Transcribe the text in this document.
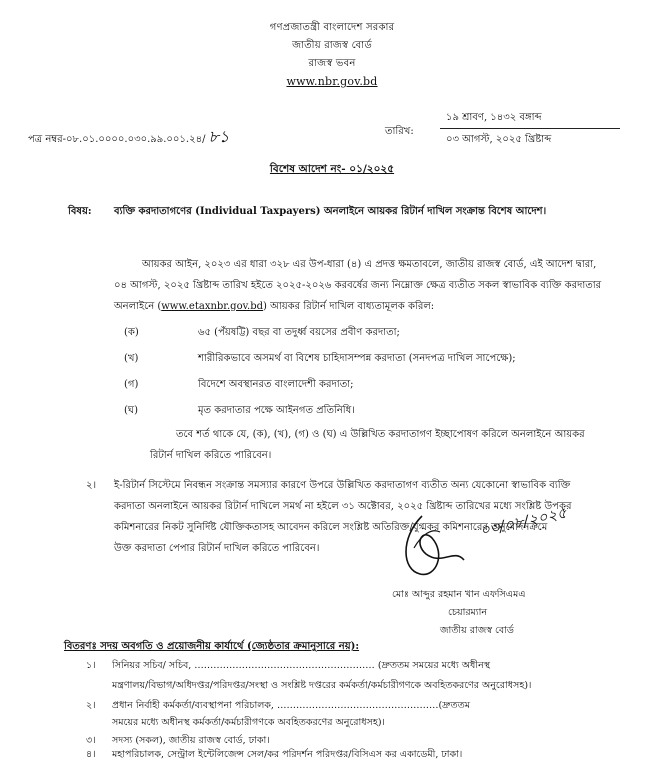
গণপ্রজাতন্ত্রী বাংলাদেশ সরকার
জাতীয় রাজস্ব বোর্ড
রাজস্ব ভবন
www.nbr.gov.bd
পত্র নম্বর-০৮.০১.০০০০.০৩০.৯৯.০০১.২৪/ ৮১	তারিখ:
১৯ শ্রাবণ, ১৪৩২ বঙ্গাব্দ
০৩ আগস্ট, ২০২৫ খ্রিষ্টাব্দ
বিশেষ আদেশ নং- ০১/২০২৫
বিষয়: ব্যক্তি করদাতাগণের (Individual Taxpayers) অনলাইনে আয়কর রিটার্ন দাখিল সংক্রান্ত বিশেষ আদেশ।
আয়কর আইন, ২০২৩ এর ধারা ৩২৮ এর উপ-ধারা (৪) এ প্রদত্ত ক্ষমতাবলে, জাতীয় রাজস্ব বোর্ড, এই আদেশ দ্বারা,
০৪ আগস্ট, ২০২৫ খ্রিষ্টাব্দ তারিখ হইতে ২০২৫-২০২৬ করবর্ষের জন্য নিম্নোক্ত ক্ষেত্র ব্যতীত সকল স্বাভাবিক ব্যক্তি করদাতার
অনলাইনে (www.etaxnbr.gov.bd) আয়কর রিটার্ন দাখিল বাধ্যতামূলক করিল:
(ক)	৬৫ (পঁয়ষট্টি) বছর বা তদুর্ধ্ব বয়সের প্রবীণ করদাতা;
(খ)	শারীরিকভাবে অসমর্থ বা বিশেষ চাহিদাসম্পন্ন করদাতা (সনদপত্র দাখিল সাপেক্ষে);
(গ)	বিদেশে অবস্থানরত বাংলাদেশী করদাতা;
(ঘ)	মৃত করদাতার পক্ষে আইনগত প্রতিনিধি।
তবে শর্ত থাকে যে, (ক), (খ), (গ) ও (ঘ) এ উল্লিখিত করদাতাগণ ইচ্ছাপোষণ করিলে অনলাইনে আয়কর
রিটার্ন দাখিল করিতে পারিবেন।
২। ই-রিটার্ন সিস্টেমে নিবন্ধন সংক্রান্ত সমস্যার কারণে উপরে উল্লিখিত করদাতাগণ ব্যতীত অন্য যেকোনো স্বাভাবিক ব্যক্তি
করদাতা অনলাইনে আয়কর রিটার্ন দাখিলে সমর্থ না হইলে ৩১ অক্টোবর, ২০২৫ খ্রিষ্টাব্দ তারিখের মধ্যে সংশ্লিষ্ট উপকর
কমিশনারের নিকট সুনির্দিষ্ট যৌক্তিকতাসহ আবেদন করিলে সংশ্লিষ্ট অতিরিক্ত/যুগ্মকর কমিশনারের অনুমোদনক্রমে
উক্ত করদাতা পেপার রিটার্ন দাখিল করিতে পারিবেন।
০৩/০৮/২০২৫
মোঃ আব্দুর রহমান খান এফসিএমএ
চেয়ারম্যান
জাতীয় রাজস্ব বোর্ড
বিতরণঃ সদয় অবগতি ও প্রয়োজনীয় কার্যার্থে (জ্যেষ্ঠতার ক্রমানুসারে নয়):
১। সিনিয়র সচিব/ সচিব, ………………………………………………… (দ্রুততম সময়ের মধ্যে অধীনস্থ
মন্ত্রণালয়/বিভাগ/অধিদপ্তর/পরিদপ্তর/সংস্থা ও সংশ্লিষ্ট দপ্তরের কর্মকর্তা/কর্মচারীগণকে অবহিতকরণের অনুরোধসহ)।
২। প্রধান নির্বাহী কর্মকর্তা/ব্যবস্থাপনা পরিচালক, ……………………………………………(দ্রুততম
সময়ের মধ্যে অধীনস্থ কর্মকর্তা/কর্মচারীগণকে অবহিতকরণের অনুরোধসহ)।
৩। সদস্য (সকল), জাতীয় রাজস্ব বোর্ড, ঢাকা।
৪। মহাপরিচালক, সেন্ট্রাল ইন্টেলিজেন্স সেল/কর পরিদর্শন পরিদপ্তর/বিসিএস কর একাডেমী, ঢাকা।
